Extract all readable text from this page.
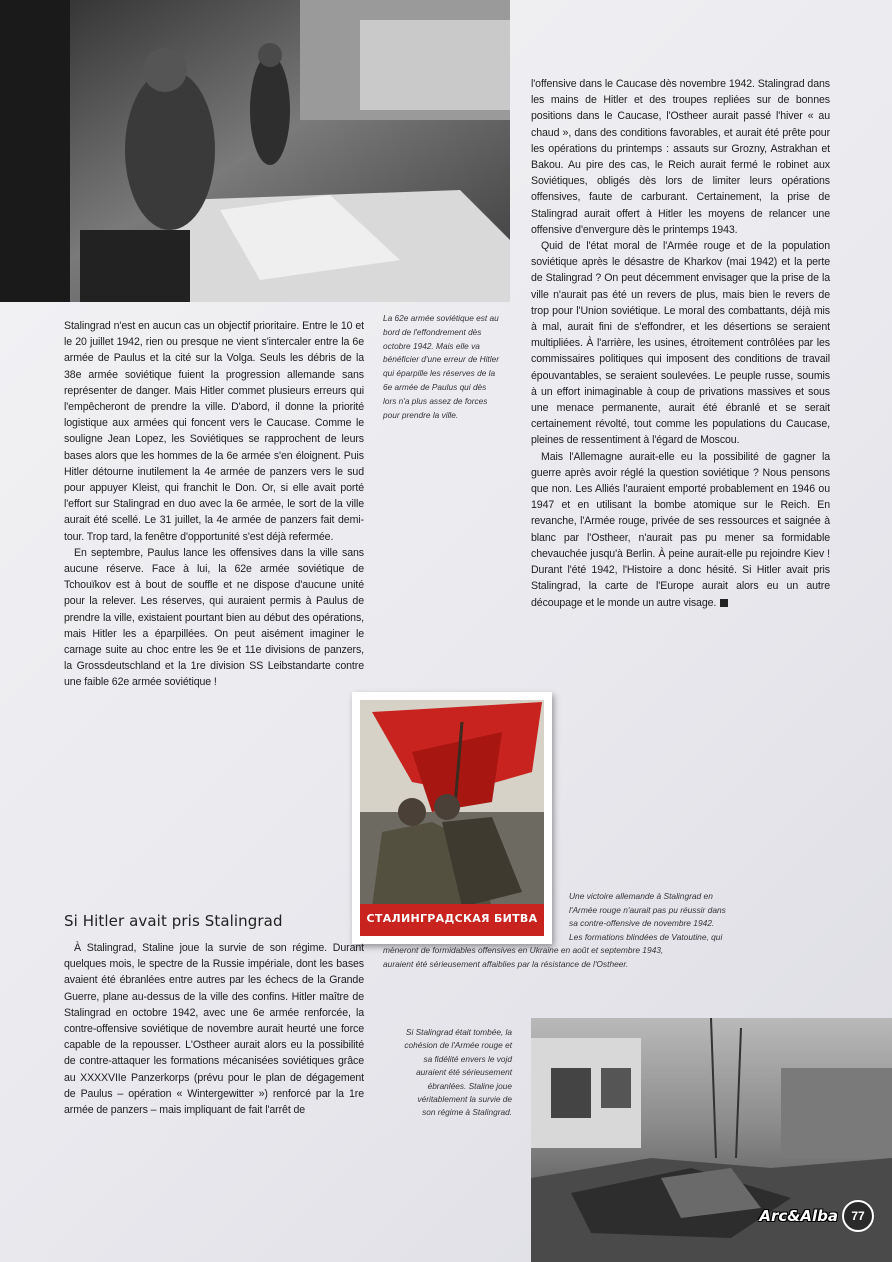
Stalingrad n'est en aucun cas un objectif prioritaire. Entre le 10 et le 20 juillet 1942, rien ou presque ne vient s'intercaler entre la 6e armée de Paulus et la cité sur la Volga. Seuls les débris de la 38e armée soviétique fuient la progression allemande sans représenter de danger. Mais Hitler commet plusieurs erreurs qui l'empêcheront de prendre la ville. D'abord, il donne la priorité logistique aux armées qui foncent vers le Caucase. Comme le souligne Jean Lopez, les Soviétiques se rapprochent de leurs bases alors que les hommes de la 6e armée s'en éloignent. Puis Hitler détourne inutilement la 4e armée de panzers vers le sud pour appuyer Kleist, qui franchit le Don. Or, si elle avait porté l'effort sur Stalingrad en duo avec la 6e armée, le sort de la ville aurait été scellé. Le 31 juillet, la 4e armée de panzers fait demi-tour. Trop tard, la fenêtre d'opportunité s'est déjà refermée.

En septembre, Paulus lance les offensives dans la ville sans aucune réserve. Face à lui, la 62e armée soviétique de Tchouïkov est à bout de souffle et ne dispose d'aucune unité pour la relever. Les réserves, qui auraient permis à Paulus de prendre la ville, existaient pourtant bien au début des opérations, mais Hitler les a éparpillées. On peut aisément imaginer le carnage suite au choc entre les 9e et 11e divisions de panzers, la Grossdeutschland et la 1re division SS Leibstandarte contre une faible 62e armée soviétique !

La 62e armée soviétique est au bord de l'effondrement dès octobre 1942. Mais elle va bénéficier d'une erreur de Hitler qui éparpille les réserves de la 6e armée de Paulus qui dès lors n'a plus assez de forces pour prendre la ville.

l'offensive dans le Caucase dès novembre 1942. Stalingrad dans les mains de Hitler et des troupes repliées sur de bonnes positions dans le Caucase, l'Ostheer aurait passé l'hiver « au chaud », dans des conditions favorables, et aurait été prête pour les opérations du printemps : assauts sur Grozny, Astrakhan et Bakou. Au pire des cas, le Reich aurait fermé le robinet aux Soviétiques, obligés dès lors de limiter leurs opérations offensives, faute de carburant. Certainement, la prise de Stalingrad aurait offert à Hitler les moyens de relancer une offensive d'envergure dès le printemps 1943.

Quid de l'état moral de l'Armée rouge et de la population soviétique après le désastre de Kharkov (mai 1942) et la perte de Stalingrad ? On peut décemment envisager que la prise de la ville n'aurait pas été un revers de plus, mais bien le revers de trop pour l'Union soviétique. Le moral des combattants, déjà mis à mal, aurait fini de s'effondrer, et les désertions se seraient multipliées. À l'arrière, les usines, étroitement contrôlées par les commissaires politiques qui imposent des conditions de travail épouvantables, se seraient soulevées. Le peuple russe, soumis à un effort inimaginable à coup de privations massives et sous une menace permanente, aurait été ébranlé et se serait certainement révolté, tout comme les populations du Caucase, pleines de ressentiment à l'égard de Moscou.

Mais l'Allemagne aurait-elle eu la possibilité de gagner la guerre après avoir réglé la question soviétique ? Nous pensons que non. Les Alliés l'auraient emporté probablement en 1946 ou 1947 et en utilisant la bombe atomique sur le Reich. En revanche, l'Armée rouge, privée de ses ressources et saignée à blanc par l'Ostheer, n'aurait pas pu mener sa formidable chevauchée jusqu'à Berlin. À peine aurait-elle pu rejoindre Kiev ! Durant l'été 1942, l'Histoire a donc hésité. Si Hitler avait pris Stalingrad, la carte de l'Europe aurait alors eu un autre découpage et le monde un autre visage.

СТАЛИНГРАДСКАЯ БИТВА
Une victoire allemande à Stalingrad en
l'Armée rouge n'aurait pas pu réussir dans
sa contre-offensive de novembre 1942.
Les formations blindées de Vatoutine, qui
mèneront de formidables offensives en Ukraine en août et septembre 1943,
auraient été sérieusement affaiblies par la résistance de l'Ostheer.
Si Hitler avait pris Stalingrad

À Stalingrad, Staline joue la survie de son régime. Durant quelques mois, le spectre de la Russie impériale, dont les bases avaient été ébranlées entre autres par les échecs de la Grande Guerre, plane au-dessus de la ville des confins. Hitler maître de Stalingrad en octobre 1942, avec une 6e armée renforcée, la contre-offensive soviétique de novembre aurait heurté une force capable de la repousser. L'Ostheer aurait alors eu la possibilité de contre-attaquer les formations mécanisées soviétiques grâce au XXXXVIIe Panzerkorps (prévu pour le plan de dégagement de Paulus – opération « Wintergewitter ») renforcé par la 1re armée de panzers – mais impliquant de fait l'arrêt de

Si Stalingrad était tombée, la cohésion de l'Armée rouge et sa fidélité envers le vojd auraient été sérieusement ébranlées. Staline joue véritablement la survie de son régime à Stalingrad.
Arc&Alba	77
